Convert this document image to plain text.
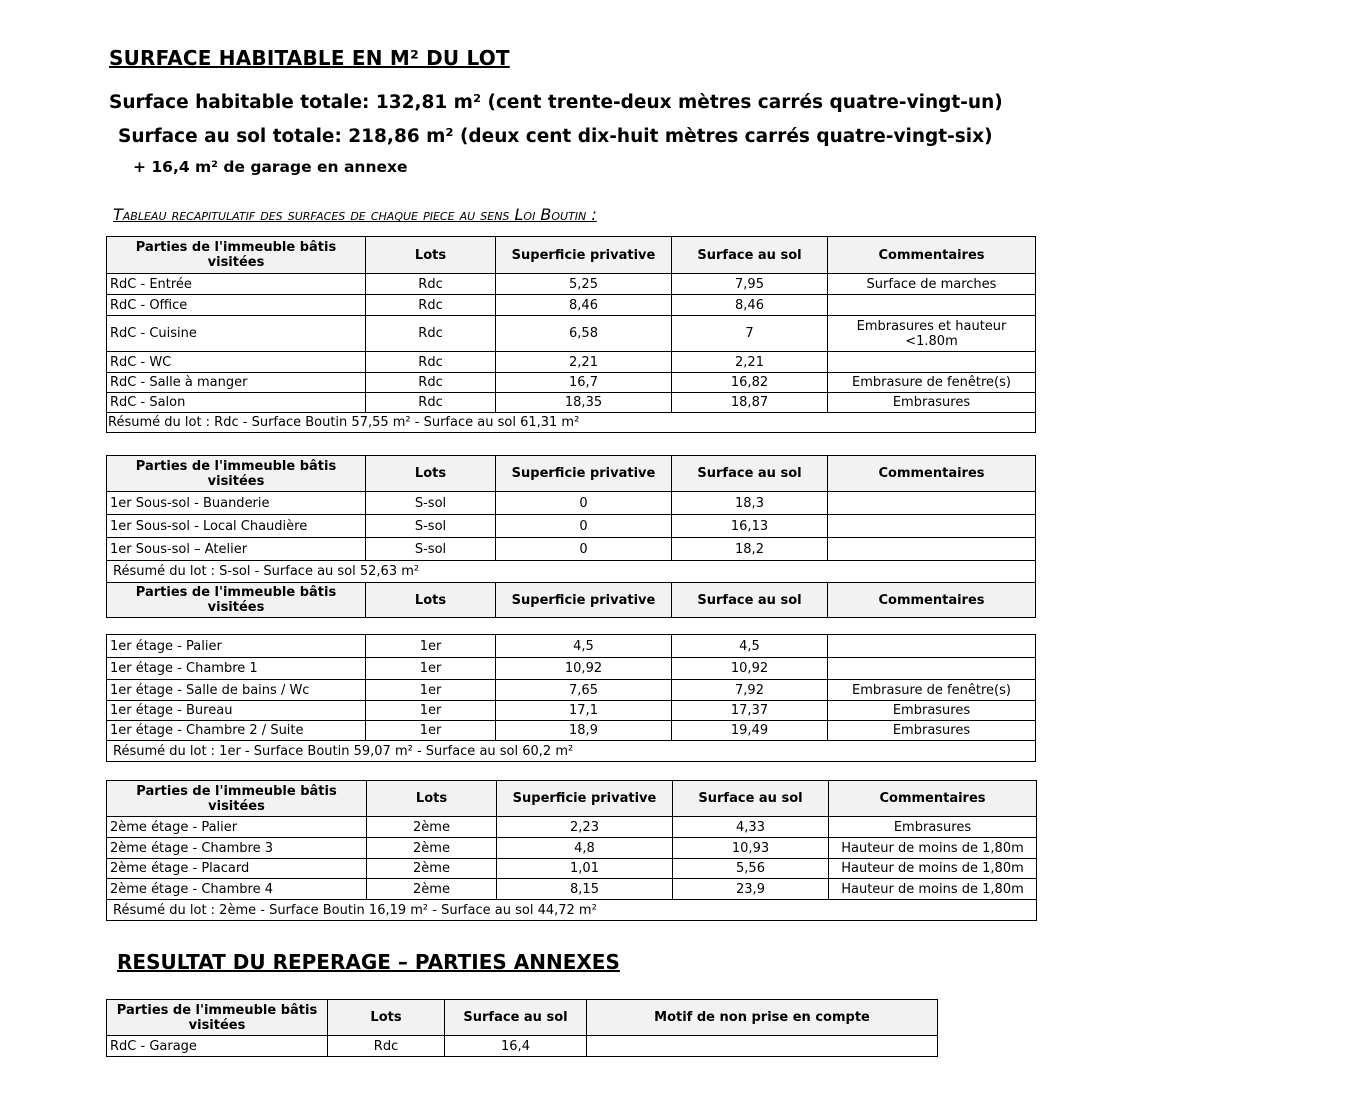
SURFACE HABITABLE EN M² DU LOT

Surface habitable totale: 132,81 m² (cent trente-deux mètres carrés quatre-vingt-un)

Surface au sol totale: 218,86 m² (deux cent dix-huit mètres carrés quatre-vingt-six)

+ 16,4 m² de garage en annexe

Tableau recapitulatif des surfaces de chaque piece au sens Loi Boutin :

Parties de l'immeuble bâtis visitées	Lots	Superficie privative	Surface au sol	Commentaires
RdC - Entrée	Rdc	5,25	7,95	Surface de marches
RdC - Office	Rdc	8,46	8,46	
RdC - Cuisine	Rdc	6,58	7	Embrasures et hauteur <1.80m
RdC - WC	Rdc	2,21	2,21	
RdC - Salle à manger	Rdc	16,7	16,82	Embrasure de fenêtre(s)
RdC - Salon	Rdc	18,35	18,87	Embrasures
Résumé du lot : Rdc - Surface Boutin 57,55 m² - Surface au sol 61,31 m²				
Parties de l'immeuble bâtis visitées	Lots	Superficie privative	Surface au sol	Commentaires
1er Sous-sol - Buanderie	S-sol	0	18,3	
1er Sous-sol - Local Chaudière	S-sol	0	16,13	
1er Sous-sol – Atelier	S-sol	0	18,2	
Résumé du lot : S-sol - Surface au sol 52,63 m²				
Parties de l'immeuble bâtis visitées	Lots	Superficie privative	Surface au sol	Commentaires
1er étage - Palier	1er	4,5	4,5	
1er étage - Chambre 1	1er	10,92	10,92	
1er étage - Salle de bains / Wc	1er	7,65	7,92	Embrasure de fenêtre(s)
1er étage - Bureau	1er	17,1	17,37	Embrasures
1er étage - Chambre 2 / Suite	1er	18,9	19,49	Embrasures
Résumé du lot : 1er - Surface Boutin 59,07 m² - Surface au sol 60,2 m²				
Parties de l'immeuble bâtis visitées	Lots	Superficie privative	Surface au sol	Commentaires
2ème étage - Palier	2ème	2,23	4,33	Embrasures
2ème étage - Chambre 3	2ème	4,8	10,93	Hauteur de moins de 1,80m
2ème étage - Placard	2ème	1,01	5,56	Hauteur de moins de 1,80m
2ème étage - Chambre 4	2ème	8,15	23,9	Hauteur de moins de 1,80m
Résumé du lot : 2ème - Surface Boutin 16,19 m² - Surface au sol 44,72 m²				
RESULTAT DU REPERAGE – PARTIES ANNEXES
Parties de l'immeuble bâtis visitées	Lots	Surface au sol	Motif de non prise en compte
RdC - Garage	Rdc	16,4	
